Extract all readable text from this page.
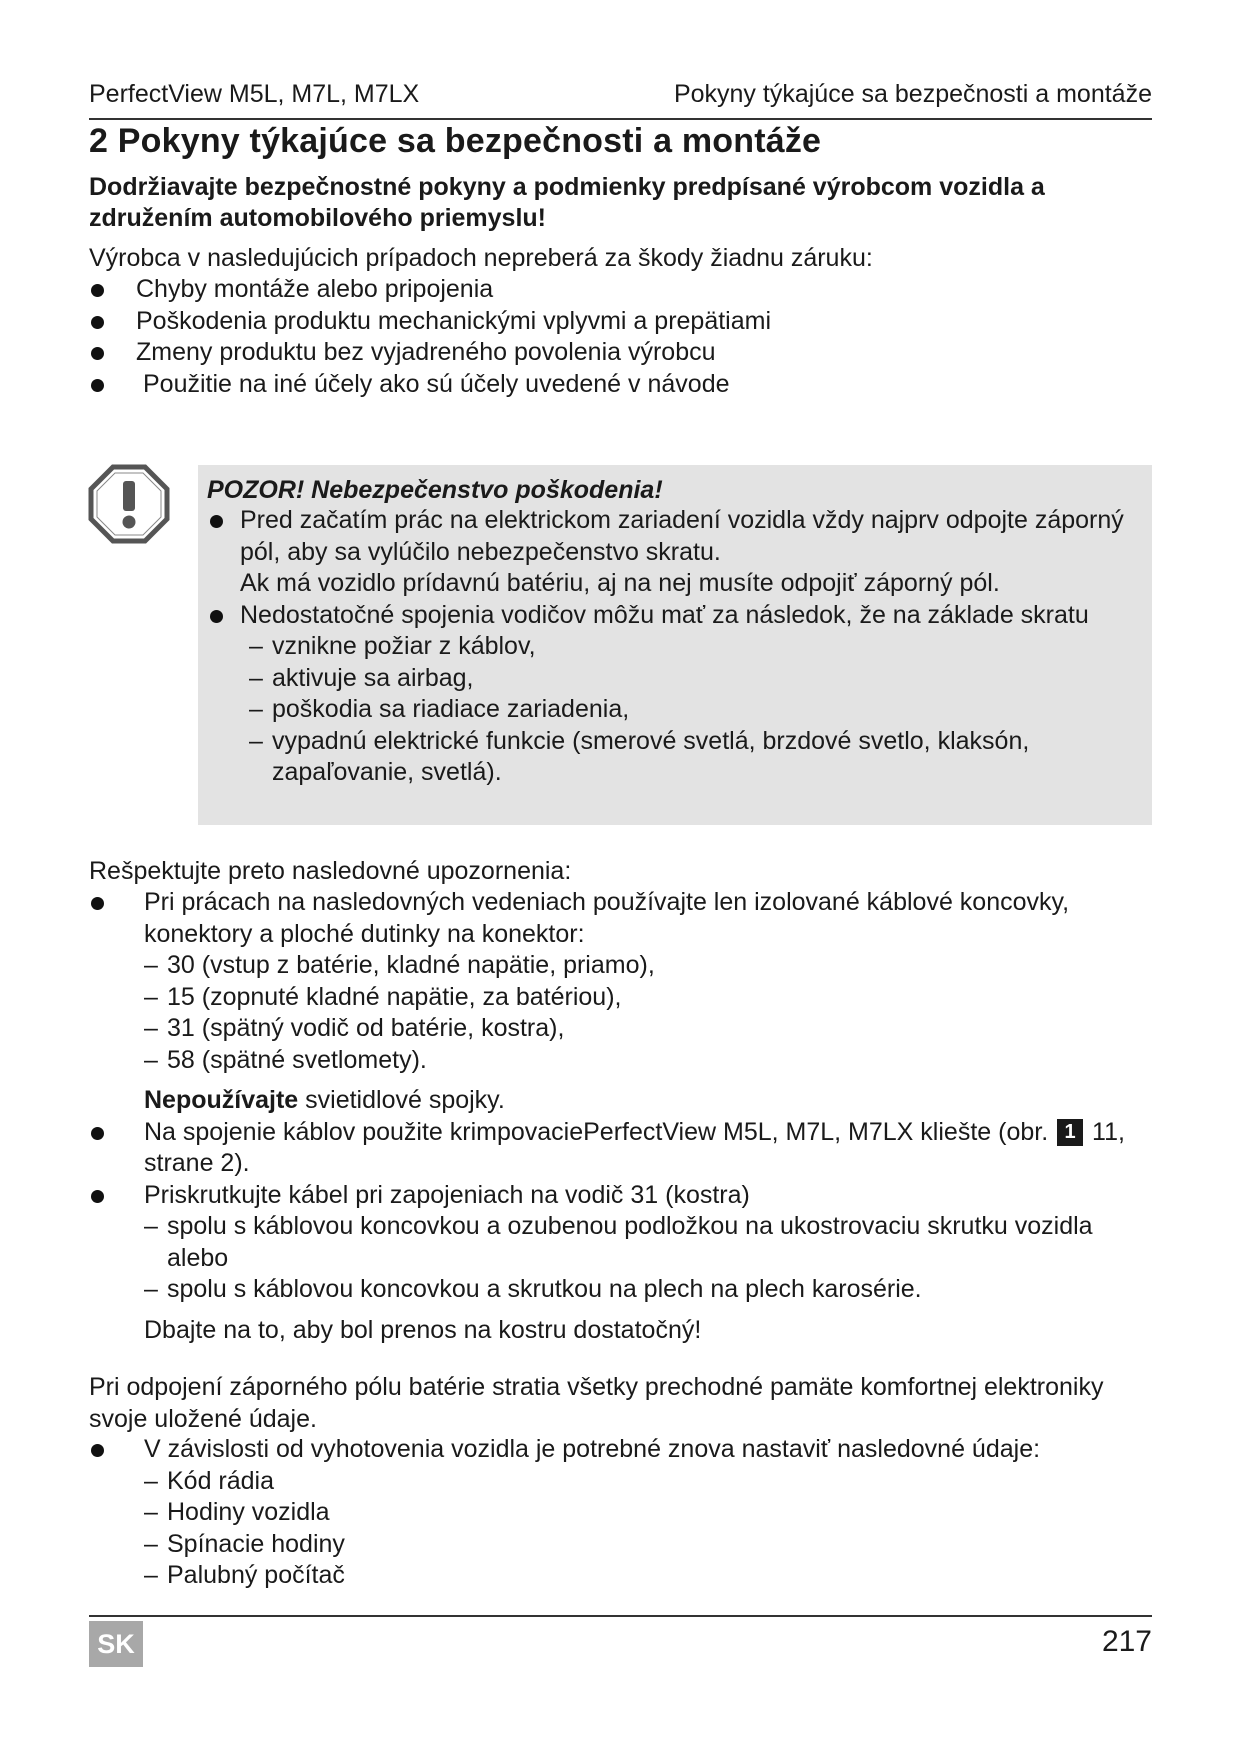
PerfectView M5L, M7L, M7LX	Pokyny týkajúce sa bezpečnosti a montáže
2 Pokyny týkajúce sa bezpečnosti a montáže

Dodržiavajte bezpečnostné pokyny a podmienky predpísané výrobcom vozidla a združením automobilového priemyslu!

Výrobca v nasledujúcich prípadoch nepreberá za škody žiadnu záruku:

Chyby montáže alebo pripojenia
Poškodenia produktu mechanickými vplyvmi a prepätiami
Zmeny produktu bez vyjadreného povolenia výrobcu
Použitie na iné účely ako sú účely uvedené v návode

POZOR! Nebezpečenstvo poškodenia!

Pred začatím prác na elektrickom zariadení vozidla vždy najprv odpojte záporný pól, aby sa vylúčilo nebezpečenstvo skratu.
Ak má vozidlo prídavnú batériu, aj na nej musíte odpojiť záporný pól.
Nedostatočné spojenia vodičov môžu mať za následok, že na základe skratu
– vznikne požiar z káblov,
– aktivuje sa airbag,
– poškodia sa riadiace zariadenia,
– vypadnú elektrické funkcie (smerové svetlá, brzdové svetlo, klaksón, zapaľovanie, svetlá).

Rešpektujte preto nasledovné upozornenia:

Pri prácach na nasledovných vedeniach používajte len izolované káblové koncovky, konektory a ploché dutinky na konektor:
– 30 (vstup z batérie, kladné napätie, priamo),
– 15 (zopnuté kladné napätie, za batériou),
– 31 (spätný vodič od batérie, kostra),
– 58 (spätné svetlomety).
Nepoužívajte svietidlové spojky.
Na spojenie káblov použite krimpovaciePerfectView M5L, M7L, M7LX kliešte (obr. 1 11, strane 2).
Priskrutkujte kábel pri zapojeniach na vodič 31 (kostra)
– spolu s káblovou koncovkou a ozubenou podložkou na ukostrovaciu skrutku vozidla alebo
– spolu s káblovou koncovkou a skrutkou na plech na plech karosérie.
Dbajte na to, aby bol prenos na kostru dostatočný!

Pri odpojení záporného pólu batérie stratia všetky prechodné pamäte komfortnej elektroniky svoje uložené údaje.

V závislosti od vyhotovenia vozidla je potrebné znova nastaviť nasledovné údaje:
– Kód rádia
– Hodiny vozidla
– Spínacie hodiny
– Palubný počítač
SK	217
